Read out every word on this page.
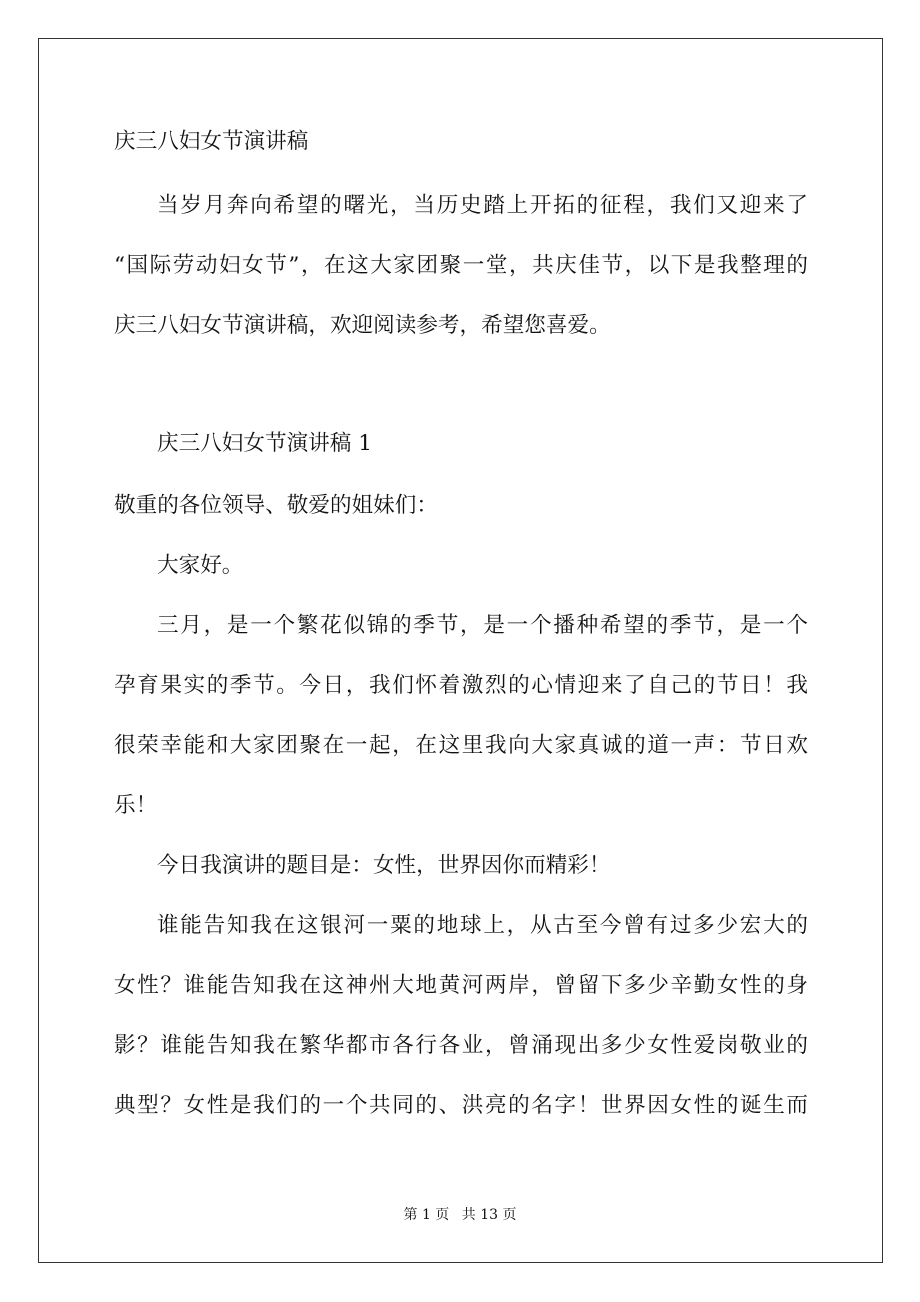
庆三八妇女节演讲稿
当岁月奔向希望的曙光，当历史踏上开拓的征程，我们又迎来了
“国际劳动妇女节”，在这大家团聚一堂，共庆佳节，以下是我整理的
庆三八妇女节演讲稿，欢迎阅读参考，希望您喜爱。
庆三八妇女节演讲稿 1
敬重的各位领导、敬爱的姐妹们：
大家好。
三月，是一个繁花似锦的季节，是一个播种希望的季节，是一个
孕育果实的季节。今日，我们怀着激烈的心情迎来了自己的节日！我
很荣幸能和大家团聚在一起，在这里我向大家真诚的道一声：节日欢
乐！
今日我演讲的题目是：女性，世界因你而精彩！
谁能告知我在这银河一粟的地球上，从古至今曾有过多少宏大的
女性？谁能告知我在这神州大地黄河两岸，曾留下多少辛勤女性的身
影？谁能告知我在繁华都市各行各业，曾涌现出多少女性爱岗敬业的
典型？女性是我们的一个共同的、洪亮的名字！世界因女性的诞生而
第 1 页 共 13 页
